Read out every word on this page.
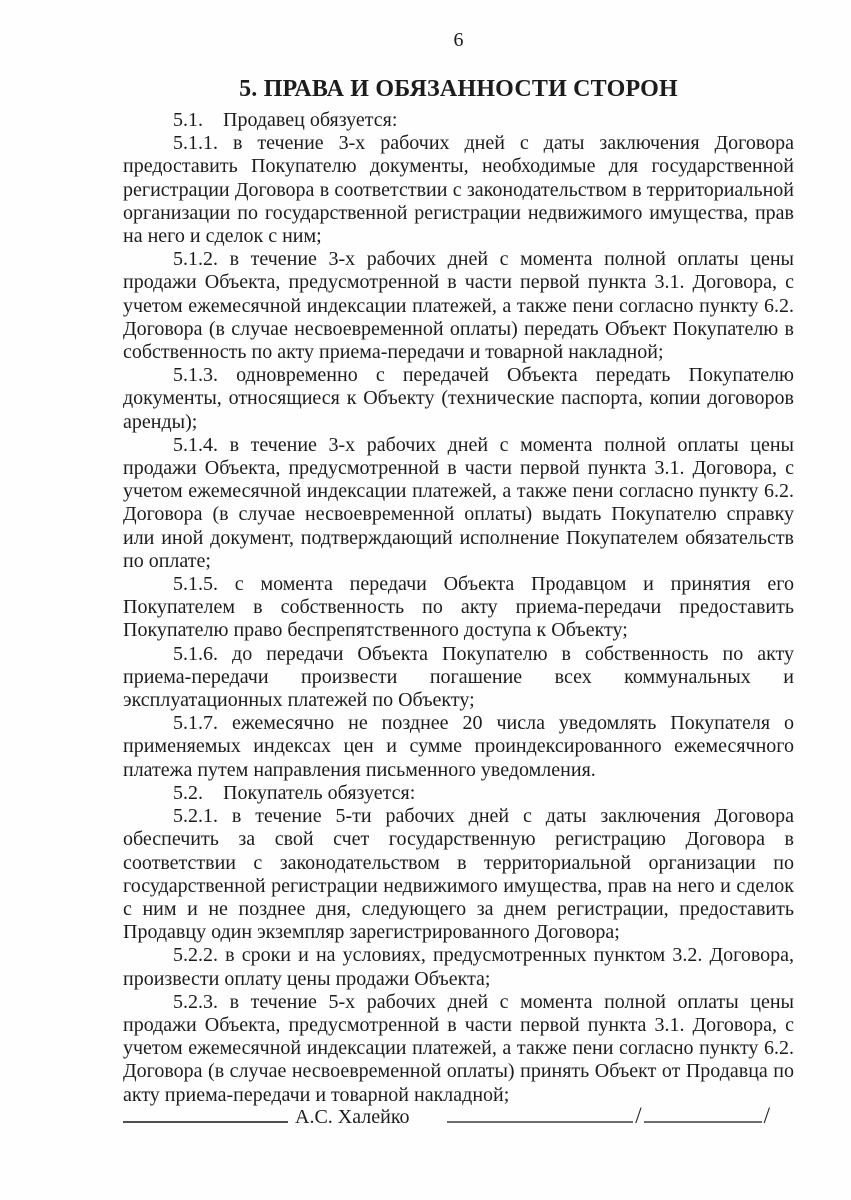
6
5. ПРАВА И ОБЯЗАННОСТИ СТОРОН

5.1. Продавец обязуется:

5.1.1. в течение 3-х рабочих дней с даты заключения Договора предоставить Покупателю документы, необходимые для государственной регистрации Договора в соответствии с законодательством в территориальной организации по государственной регистрации недвижимого имущества, прав на него и сделок с ним;

5.1.2. в течение 3-х рабочих дней с момента полной оплаты цены продажи Объекта, предусмотренной в части первой пункта 3.1. Договора, с учетом ежемесячной индексации платежей, а также пени согласно пункту 6.2. Договора (в случае несвоевременной оплаты) передать Объект Покупателю в собственность по акту приема-передачи и товарной накладной;

5.1.3. одновременно с передачей Объекта передать Покупателю документы, относящиеся к Объекту (технические паспорта, копии договоров аренды);

5.1.4. в течение 3-х рабочих дней с момента полной оплаты цены продажи Объекта, предусмотренной в части первой пункта 3.1. Договора, с учетом ежемесячной индексации платежей, а также пени согласно пункту 6.2. Договора (в случае несвоевременной оплаты) выдать Покупателю справку или иной документ, подтверждающий исполнение Покупателем обязательств по оплате;

5.1.5. с момента передачи Объекта Продавцом и принятия его Покупателем в собственность по акту приема-передачи предоставить Покупателю право беспрепятственного доступа к Объекту;

5.1.6. до передачи Объекта Покупателю в собственность по акту приема-передачи произвести погашение всех коммунальных и эксплуатационных платежей по Объекту;

5.1.7. ежемесячно не позднее 20 числа уведомлять Покупателя о применяемых индексах цен и сумме проиндексированного ежемесячного платежа путем направления письменного уведомления.

5.2. Покупатель обязуется:

5.2.1. в течение 5-ти рабочих дней с даты заключения Договора обеспечить за свой счет государственную регистрацию Договора в соответствии с законодательством в территориальной организации по государственной регистрации недвижимого имущества, прав на него и сделок с ним и не позднее дня, следующего за днем регистрации, предоставить Продавцу один экземпляр зарегистрированного Договора;

5.2.2. в сроки и на условиях, предусмотренных пунктом 3.2. Договора, произвести оплату цены продажи Объекта;

5.2.3. в течение 5-х рабочих дней с момента полной оплаты цены продажи Объекта, предусмотренной в части первой пункта 3.1. Договора, с учетом ежемесячной индексации платежей, а также пени согласно пункту 6.2. Договора (в случае несвоевременной оплаты) принять Объект от Продавца по акту приема-передачи и товарной накладной;

А.С. Халейко	/	/
